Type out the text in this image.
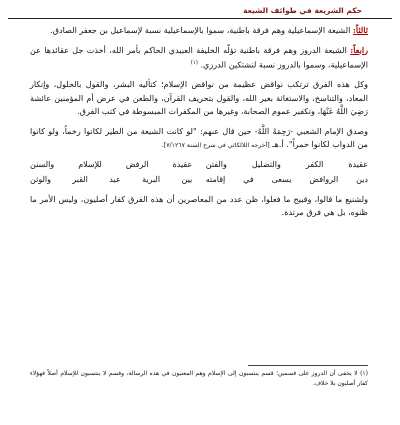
حكم الشريعة في طوائف الشيعة

ثالثاً: الشيعة الإسماعيلية وهم فرقة باطنية، سموا بالإسماعيلية نسبة لإسماعيل بن جعفر الصادق.

رابعاً: الشيعة الدروز وهم فرقة باطنية تؤلّه الخليفة العبيدي الحاكم بأمر الله، أخذت جل عقائدها عن الإسماعيلية، وسموا بالدروز نسبة لنشتكين الدرزي. $^{(١)}$

وكل هذه الفرق ترتكب نواقض عظيمة من نواقض الإسلام؛ كتأليه البشر، والقول بالحلول، وإنكار المعاد، والتناسخ، والاستغاثة بغير الله، والقول بتحريف القرآن، والطعن في عرض أم المؤمنين عائشة رَضِيَ اللَّهُ عَنْهَا، وتكفير عموم الصحابة، وغيرها من المكفرات المبسوطة في كتب الفرق.

وصدق الإمام الشعبي -رَحِمَهُ اللَّهُ- حين قال عنهم: "لو كانت الشيعة من الطير لكانوا رخماً، ولو كانوا من الدواب لكانوا حمراً". أ.هـ [أخرجه اللالكائي في شرح السنة ٧/١٢٦٧].

عقيدة الكفر والتضليل والفتن
عقيدة الرفض للإسلام والسنن
دين الروافض يسعى في إقامته
بين البرية عبد القبر والوثن

ولشنيع ما قالوا، وقبيح ما فعلوا، ظن عدد من المعاصرين أن هذه الفرق كفار أصليون، وليس الأمر ما ظنوه، بل هي فرق مرتدة.

(١) لا يخفى أن الدروز على قسمين؛ قسم ينتسبون إلى الإسلام وهم المعنيون في هذه الرسالة، وقسم لا ينتسبون للإسلام أصلاً فهؤلاء كفار أصليون بلا خلاف.
